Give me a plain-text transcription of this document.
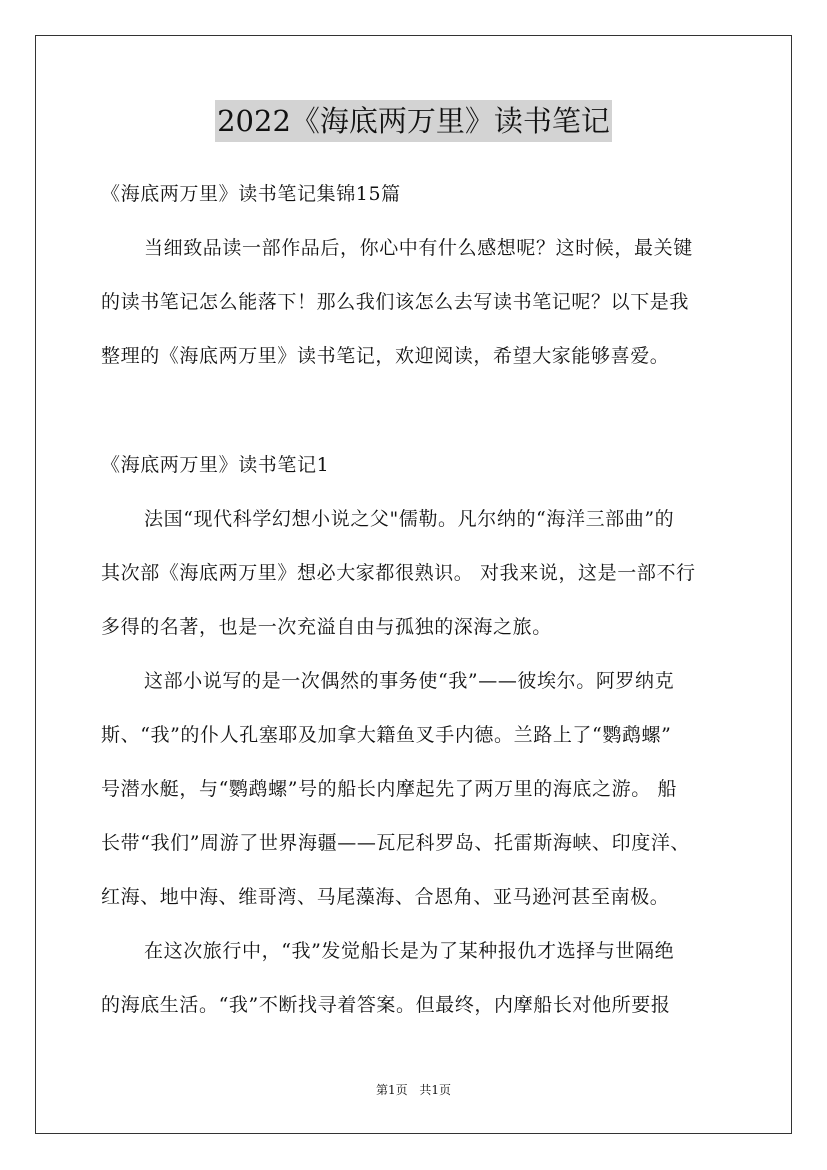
2022《海底两万里》读书笔记
《海底两万里》读书笔记集锦15篇
当细致品读一部作品后，你心中有什么感想呢？这时候，最关键
的读书笔记怎么能落下！那么我们该怎么去写读书笔记呢？以下是我
整理的《海底两万里》读书笔记，欢迎阅读，希望大家能够喜爱。
《海底两万里》读书笔记1
法国“现代科学幻想小说之父"儒勒。凡尔纳的“海洋三部曲”的
其次部《海底两万里》想必大家都很熟识。 对我来说，这是一部不行
多得的名著，也是一次充溢自由与孤独的深海之旅。
这部小说写的是一次偶然的事务使“我”——彼埃尔。阿罗纳克
斯、“我”的仆人孔塞耶及加拿大籍鱼叉手内德。兰路上了“鹦鹉螺”
号潜水艇，与“鹦鹉螺”号的船长内摩起先了两万里的海底之游。 船
长带“我们”周游了世界海疆——瓦尼科罗岛、托雷斯海峡、印度洋、
红海、地中海、维哥湾、马尾藻海、合恩角、亚马逊河甚至南极。
在这次旅行中，“我”发觉船长是为了某种报仇才选择与世隔绝
的海底生活。“我”不断找寻着答案。但最终，内摩船长对他所要报
第1页 共1页
